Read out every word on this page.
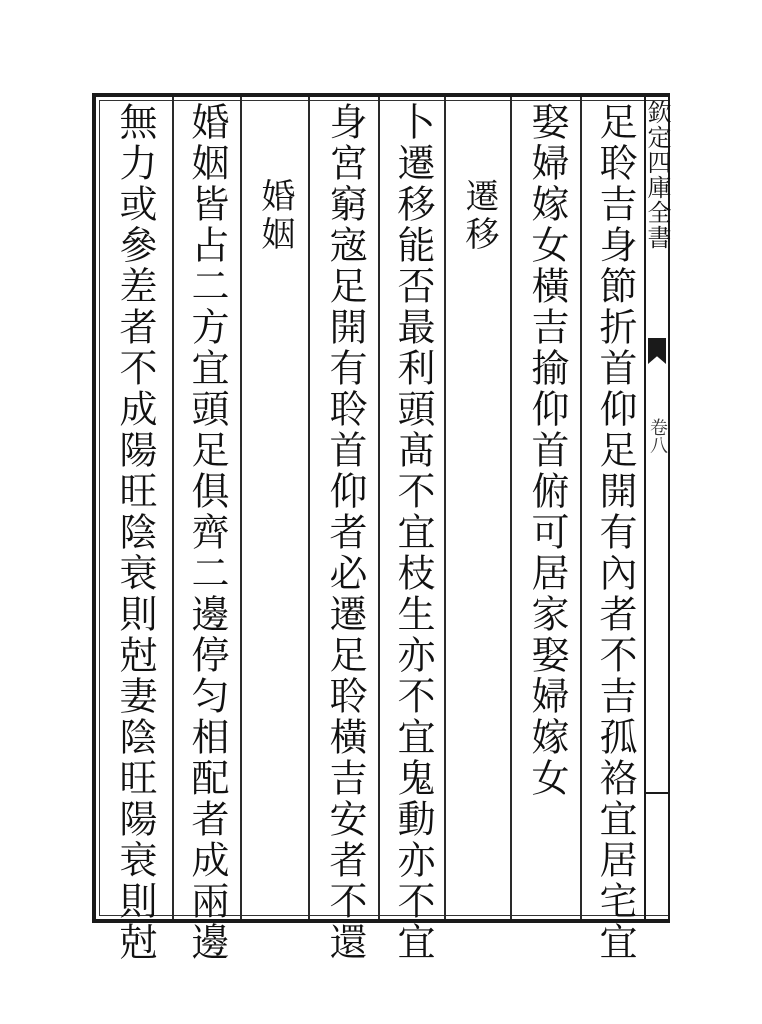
欽定四庫全書
卷八
足聆吉身節折首仰足開有內者不吉孤袼宜居宅宜
娶婦嫁女橫吉揄仰首俯可居家娶婦嫁女
遷移
卜遷移能否最利頭髙不宜枝生亦不宜鬼動亦不宜
身宮窮宼足開有聆首仰者必遷足聆橫吉安者不還
婚姻
婚姻皆占二方宜頭足俱齊二邊停匀相配者成兩邊
無力或參差者不成陽旺陰衰則尅妻陰旺陽衰則尅
